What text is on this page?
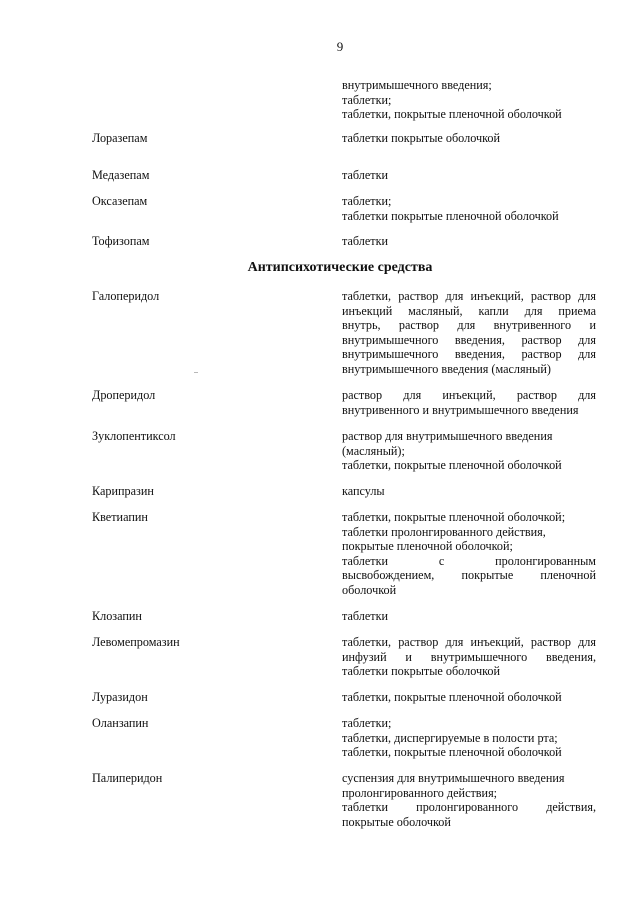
9
внутримышечного введения;
таблетки;
таблетки, покрытые пленочной оболочкой
Лоразепам	таблетки покрытые оболочкой
Медазепам	таблетки
Оксазепам	таблетки;
таблетки покрытые пленочной оболочкой
Тофизопам	таблетки
Антипсихотические средства
Галоперидол	таблетки, раствор для инъекций, раствор для
инъекций масляный, капли для приема
внутрь, раствор для внутривенного и
внутримышечного введения, раствор для
внутримышечного введения, раствор для
внутримышечного введения (масляный)
Дроперидол	раствор для инъекций, раствор для
внутривенного и внутримышечного введения
Зуклопентиксол	раствор для внутримышечного введения
(масляный);
таблетки, покрытые пленочной оболочкой
Карипразин	капсулы
Кветиапин	таблетки, покрытые пленочной оболочкой;
таблетки пролонгированного действия,
покрытые пленочной оболочкой;
таблетки с пролонгированным
высвобождением, покрытые пленочной
оболочкой
Клозапин	таблетки
Левомепромазин	таблетки, раствор для инъекций, раствор для
инфузий и внутримышечного введения,
таблетки покрытые оболочкой
Луразидон	таблетки, покрытые пленочной оболочкой
Оланзапин	таблетки;
таблетки, диспергируемые в полости рта;
таблетки, покрытые пленочной оболочкой
Палиперидон	суспензия для внутримышечного введения
пролонгированного действия;
таблетки пролонгированного действия,
покрытые оболочкой
